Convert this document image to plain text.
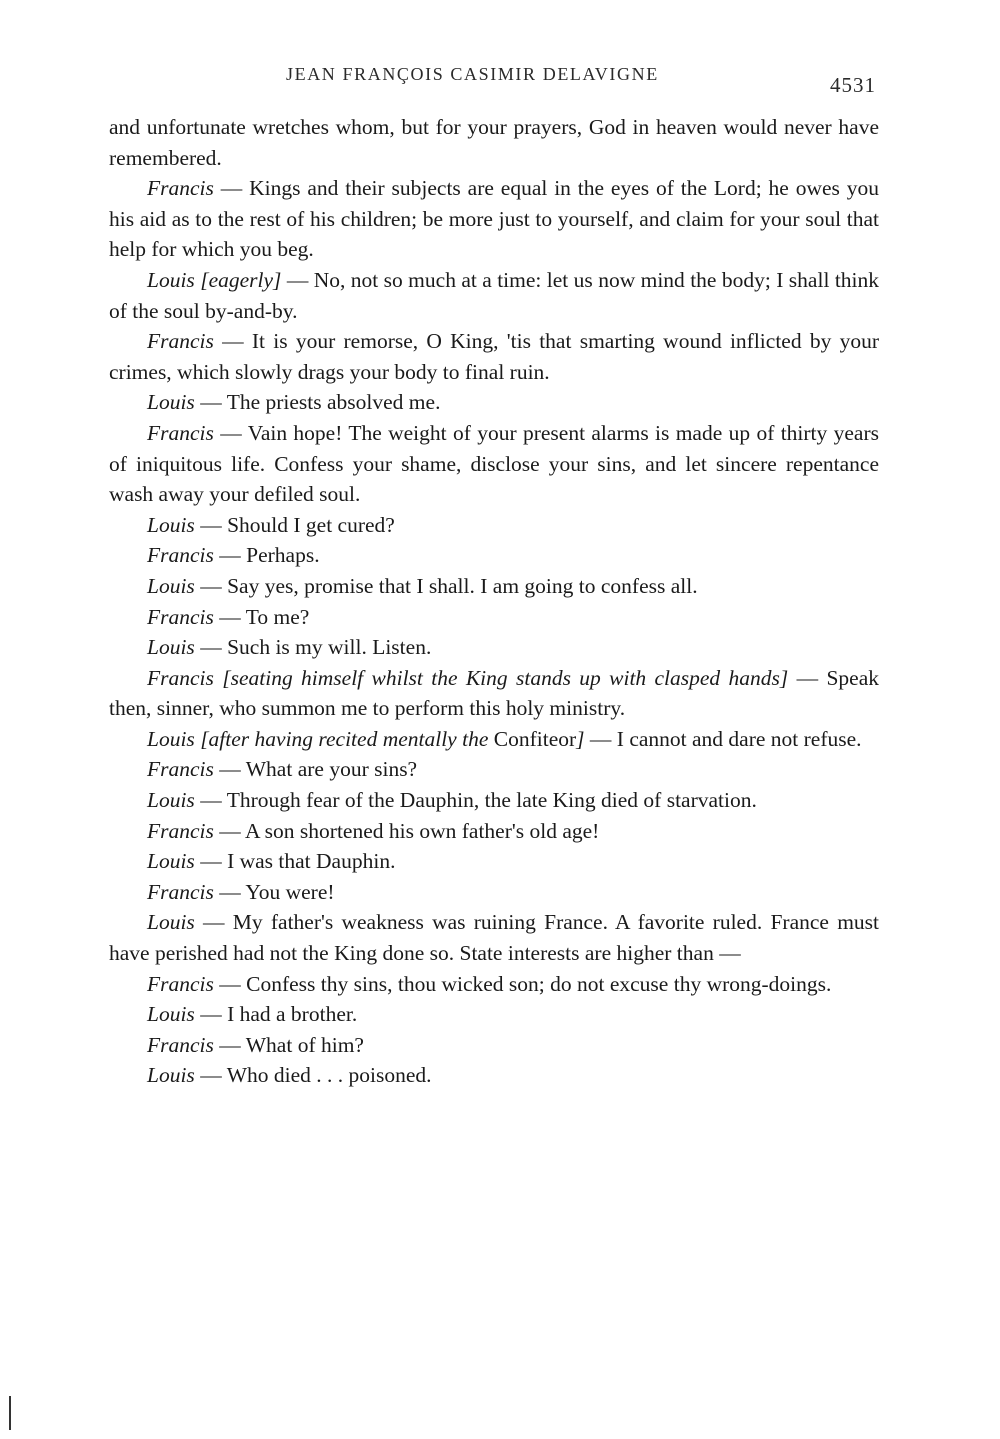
JEAN FRANÇOIS CASIMIR DELAVIGNE	4531

and unfortunate wretches whom, but for your prayers, God in heaven would never have remembered.

Francis — Kings and their subjects are equal in the eyes of the Lord; he owes you his aid as to the rest of his children; be more just to yourself, and claim for your soul that help for which you beg.

Louis [eagerly] — No, not so much at a time: let us now mind the body; I shall think of the soul by-and-by.

Francis — It is your remorse, O King, 'tis that smarting wound inflicted by your crimes, which slowly drags your body to final ruin.

Louis — The priests absolved me.

Francis — Vain hope! The weight of your present alarms is made up of thirty years of iniquitous life. Confess your shame, disclose your sins, and let sincere repentance wash away your defiled soul.

Louis — Should I get cured?

Francis — Perhaps.

Louis — Say yes, promise that I shall. I am going to confess all.

Francis — To me?

Louis — Such is my will. Listen.

Francis [seating himself whilst the King stands up with clasped hands] — Speak then, sinner, who summon me to perform this holy ministry.

Louis [after having recited mentally the Confiteor] — I cannot and dare not refuse.

Francis — What are your sins?

Louis — Through fear of the Dauphin, the late King died of starvation.

Francis — A son shortened his own father's old age!

Louis — I was that Dauphin.

Francis — You were!

Louis — My father's weakness was ruining France. A favorite ruled. France must have perished had not the King done so. State interests are higher than —

Francis — Confess thy sins, thou wicked son; do not excuse thy wrong-doings.

Louis — I had a brother.

Francis — What of him?

Louis — Who died . . . poisoned.
